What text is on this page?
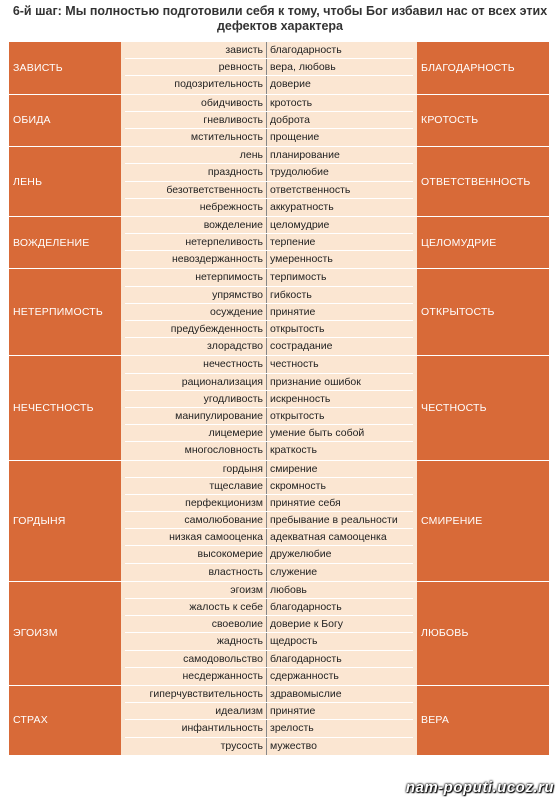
6-й шаг: Мы полностью подготовили себя к тому, чтобы Бог избавил нас от всех этих дефектов характера
ЗАВИСТЬ
зависть благодарность
ревность вера, любовь
подозрительность доверие
БЛАГОДАРНОСТЬ
ОБИДА
обидчивость кротость
гневливость доброта
мстительность прощение
КРОТОСТЬ
ЛЕНЬ
лень планирование
праздность трудолюбие
безответственность ответственность
небрежность аккуратность
ОТВЕТСТВЕННОСТЬ
ВОЖДЕЛЕНИЕ
вожделение целомудрие
нетерпеливость терпение
невоздержанность умеренность
ЦЕЛОМУДРИЕ
НЕТЕРПИМОСТЬ
нетерпимость терпимость
упрямство гибкость
осуждение принятие
предубежденность открытость
злорадство сострадание
ОТКРЫТОСТЬ
НЕЧЕСТНОСТЬ
нечестность честность
рационализация признание ошибок
угодливость искренность
манипулирование открытость
лицемерие умение быть собой
многословность краткость
ЧЕСТНОСТЬ
ГОРДЫНЯ
гордыня смирение
тщеславие скромность
перфекционизм принятие себя
самолюбование пребывание в реальности
низкая самооценка адекватная самооценка
высокомерие дружелюбие
властность служение
СМИРЕНИЕ
ЭГОИЗМ
эгоизм любовь
жалость к себе благодарность
своеволие доверие к Богу
жадность щедрость
самодовольство благодарность
несдержанность сдержанность
ЛЮБОВЬ
СТРАХ
гиперчувствительность здравомыслие
идеализм принятие
инфантильность зрелость
трусость мужество
ВЕРА
nam-poputi.ucoz.ru
